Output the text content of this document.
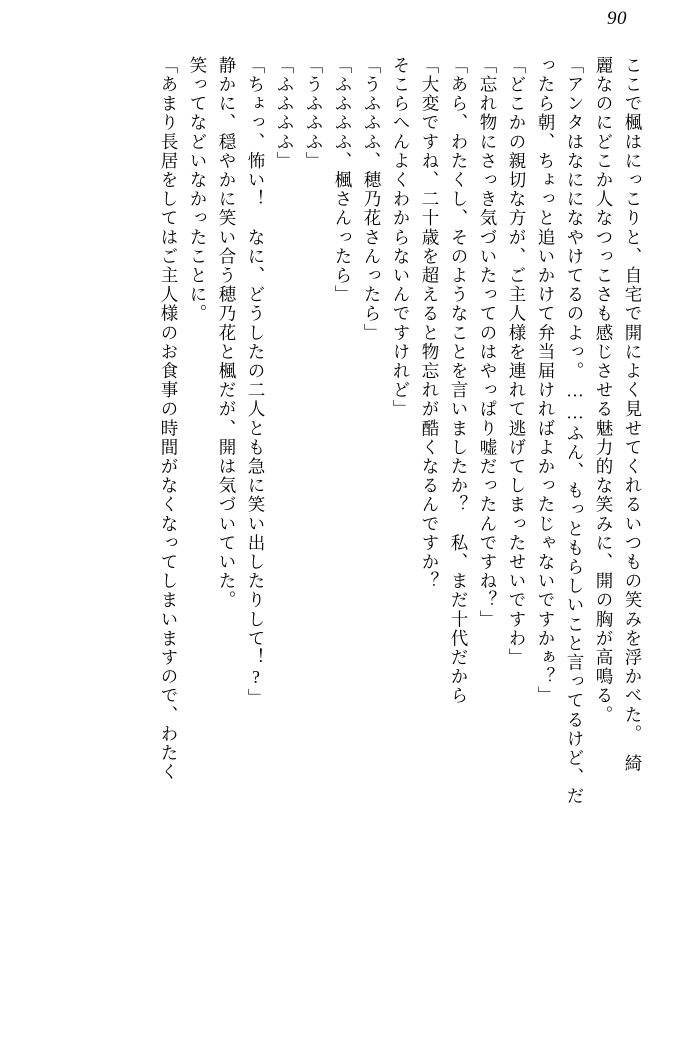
90
ここで楓はにっこりと、自宅で開によく見せてくれるいつもの笑みを浮かべた。　綺
麗なのにどこか人なつっこさも感じさせる魅力的な笑みに、開の胸が高鳴る。
「アンタはなにになやけてるのよっ。……ふん、もっともらしいこと言ってるけど、だ
ったら朝、ちょっと追いかけて弁当届ければよかったじゃないですかぁ？」
「どこかの親切な方が、ご主人様を連れて逃げてしまったせいですわ」
「忘れ物にさっき気づいたってのはやっぱり嘘だったんですね？」
「あら、わたくし、そのようなことを言いましたか？　私、まだ十代だから
「大変ですね、二十歳を超えると物忘れが酷くなるんですか？
そこらへんよくわからないんですけれど」
「うふふふ、穂乃花さんったら」
「ふふふふ、楓さんったら」
「うふふふ」
「ふふふふ」
「ちょっ、怖い！　なに、どうしたの二人とも急に笑い出したりして！?」
静かに、穏やかに笑い合う穂乃花と楓だが、開は気づいていた。
笑ってなどいなかったことに。
「あまり長居をしてはご主人様のお食事の時間がなくなってしまいますので、わたく
